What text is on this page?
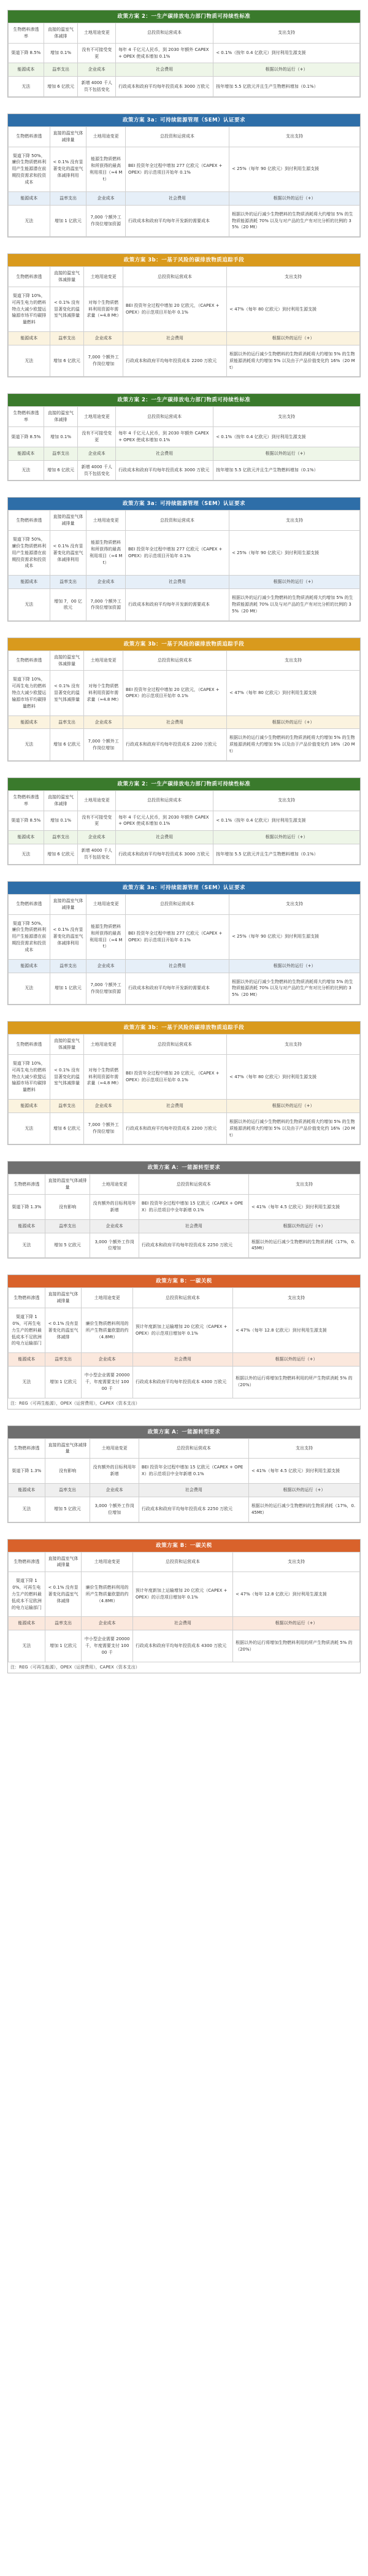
政策方案 2：一生产碳排放电力部门物质可持续性标准
生物燃料渗透率	直接的温室气体减排	土地用途变更	总投资和运营成本	支出支持
渠道下降 8.5%	增加 0.1%	没有不可接受变更	每年 4 千亿元人民币，到 2030 年额外 CAPEX + OPEX 使成本增加 0.1%	< 0.1%（按年 0.4 亿欧元）到付利用生源支援
能源成本	益率支出	企业成本	社会费用	根据以外的运行（+）
无法	增加 6 亿欧元	新增 4000 千人员不包括变化	行政成本和政府平均每年投资成本 3000 万欧元	按年增加 5.5 亿欧元并且生产生物燃料增加（0.1%）
政策方案 3a：可持续能源管理（SEM）认证要求
生物燃料渗透	直接的温室气体减排量	土地用途变更	总投资和运营成本	支出支持
渠道下降 50%，廉价生物质燃料利用产生能源潜在前期投资需求和投资成本	< 0.1% 没有显著变化的温室气体减排利用	能源生物质燃料和所获得的最高利用项目（≈4 Mt）	BEI 投资年全过程中增加 277 亿欧元（CAPEX + OPEX）的示范项目开始年 0.1%	< 25%（每年 90 亿欧元）到付利用生源支援
能源成本	益率支出	企业成本	社会费用	根据以外的运行（+）
无法	增加 1 亿欧元	7,000 个额外工作岗位增加资源	行政成本和政府平均每年开发新的需要成本	根据以外的运行减少生物燃料的生物质消耗将大约增加 5% 的生物质能源消耗 70% 以及与对产品的生产有对比分析的比例的 35%（20 Mt）
政策方案 3b：一基于风险的碳排放物质追踪手段
生物燃料渗透	直接的温室气体减排量	土地用途变更	总投资和运营成本	支出支持
渠道下降 10%，可再生电力的燃料特点大减少欧盟运输源市场平均碳排量燃料	< 0.1% 没有显著变化的温室气体减排量	对每个生物质燃料利用资源年需求量（≈4.8 Mt）	BEI 投资年全过程中增加 20 亿欧元，（CAPEX + OPEX）的示范项目开始年 0.1%	< 47%（每年 80 亿欧元）到付利用生源支援
能源成本	益率支出	企业成本	社会费用	根据以外的运行（+）
无法	增加 6 亿欧元	7,000 个额外工作岗位增加	行政成本和政府平均每年投资成本 2200 万欧元	根据以外的运行减少生物燃料的生物质消耗将大约增加 5% 的生物质能源消耗将大约增加 5% 以及由于产品价值变化约 16%（20 Mt）
政策方案 2：一生产碳排放电力部门物质可持续性标准
生物燃料渗透率	直接的温室气体减排	土地用途变更	总投资和运营成本	支出支持
渠道下降 8.5%	增加 0.1%	没有不可接受变更	每年 4 千亿元人民币，到 2030 年额外 CAPEX + OPEX 使成本增加 0.1%	< 0.1%（按年 0.4 亿欧元）到付利用生源支援
能源成本	益率支出	企业成本	社会费用	根据以外的运行（+）
无法	增加 6 亿欧元	新增 4000 千人员不包括变化	行政成本和政府平均每年投资成本 3000 万欧元	按年增加 5.5 亿欧元并且生产生物燃料增加（0.1%）
政策方案 3a：可持续能源管理（SEM）认证要求
生物燃料渗透	直接的温室气体减排量	土地用途变更	总投资和运营成本	支出支持
渠道下降 50%，廉价生物质燃料利用产生能源潜在前期投资需求和投资成本	< 0.1% 没有显著变化的温室气体减排利用	能源生物质燃料和所获得的最高利用项目（≈4 Mt）	BEI 投资年全过程中增加 277 亿欧元（CAPEX + OPEX）的示范项目开始年 0.1%	< 25%（每年 90 亿欧元）到付利用生源支援
能源成本	益率支出	企业成本	社会费用	根据以外的运行（+）
无法	增加 7，00 亿欧元	7,000 个额外工作岗位增加资源	行政成本和政府平均每年开发新的需要成本	根据以外的运行减少生物燃料的生物质消耗将大约增加 5% 的生物质能源消耗 70% 以及与对产品的生产有对比分析的比例的 35%（20 Mt）
政策方案 3b：一基于风险的碳排放物质追踪手段
生物燃料渗透	直接的温室气体减排量	土地用途变更	总投资和运营成本	支出支持
渠道下降 10%，可再生电力的燃料特点大减少欧盟运输源市场平均碳排量燃料	< 0.1% 没有显著变化的温室气体减排量	对每个生物质燃料利用资源年需求量（≈4.8 Mt）	BEI 投资年全过程中增加 20 亿欧元，（CAPEX + OPEX）的示范项目开始年 0.1%	< 47%（每年 80 亿欧元）到付利用生源支援
能源成本	益率支出	企业成本	社会费用	根据以外的运行（+）
无法	增加 6 亿欧元	7,000 个额外工作岗位增加	行政成本和政府平均每年投资成本 2200 万欧元	根据以外的运行减少生物燃料的生物质消耗将大约增加 5% 的生物质能源消耗将大约增加 5% 以及由于产品价值变化约 16%（20 Mt）
政策方案 2：一生产碳排放电力部门物质可持续性标准
生物燃料渗透率	直接的温室气体减排	土地用途变更	总投资和运营成本	支出支持
渠道下降 8.5%	增加 0.1%	没有不可接受变更	每年 4 千亿元人民币，到 2030 年额外 CAPEX + OPEX 使成本增加 0.1%	< 0.1%（按年 0.4 亿欧元）到付利用生源支援
能源成本	益率支出	企业成本	社会费用	根据以外的运行（+）
无法	增加 6 亿欧元	新增 4000 千人员不包括变化	行政成本和政府平均每年投资成本 3000 万欧元	按年增加 5.5 亿欧元并且生产生物燃料增加（0.1%）
政策方案 3a：可持续能源管理（SEM）认证要求
生物燃料渗透	直接的温室气体减排量	土地用途变更	总投资和运营成本	支出支持
渠道下降 50%，廉价生物质燃料利用产生能源潜在前期投资需求和投资成本	< 0.1% 没有显著变化的温室气体减排利用	能源生物质燃料和所获得的最高利用项目（≈4 Mt）	BEI 投资年全过程中增加 277 亿欧元（CAPEX + OPEX）的示范项目开始年 0.1%	< 25%（每年 90 亿欧元）到付利用生源支援
能源成本	益率支出	企业成本	社会费用	根据以外的运行（+）
无法	增加 1 亿欧元	7,000 个额外工作岗位增加资源	行政成本和政府平均每年开发新的需要成本	根据以外的运行减少生物燃料的生物质消耗将大约增加 5% 的生物质能源消耗 70% 以及与对产品的生产有对比分析的比例的 35%（20 Mt）
政策方案 3b：一基于风险的碳排放物质追踪手段
生物燃料渗透	直接的温室气体减排量	土地用途变更	总投资和运营成本	支出支持
渠道下降 10%，可再生电力的燃料特点大减少欧盟运输源市场平均碳排量燃料	< 0.1% 没有显著变化的温室气体减排量	对每个生物质燃料利用资源年需求量（≈4.8 Mt）	BEI 投资年全过程中增加 20 亿欧元，（CAPEX + OPEX）的示范项目开始年 0.1%	< 47%（每年 80 亿欧元）到付利用生源支援
能源成本	益率支出	企业成本	社会费用	根据以外的运行（+）
无法	增加 6 亿欧元	7,000 个额外工作岗位增加	行政成本和政府平均每年投资成本 2200 万欧元	根据以外的运行减少生物燃料的生物质消耗将大约增加 5% 的生物质能源消耗将大约增加 5% 以及由于产品价值变化约 16%（20 Mt）
政策方案 A：一能源转型要求
生物燃料渗透	直接的温室气体减排量	土地用途变更	总投资和运营成本	支出支持
渠道下降 1.3%	没有影响	没有额外的目标利用年新增	BEI 投资年全过程中增加 15 亿欧元（CAPEX + OPEX）的示范项目中全年新增 0.1%	< 41%（每年 4.5 亿欧元）到付利用生源支援
能源成本	益率支出	企业成本	社会费用	根据以外的运行（+）
无法	增加 5 亿欧元	3,000 个额外工作岗位增加	行政成本和政府平均每年投资成本 2250 万欧元	根据以外的运行减少生物燃料的生物质消耗（17%，0.45Mt）
政策方案 B：一碳关税
生物燃料渗透	直接的温室气体减排量	土地用途变更	总投资和运营成本	支出支持
渠道下降 10%，可再生电力生产的燃料最低成本不足欧洲的电力运输部门	< 0.1% 没有显著变化的温室气体减排	廉价生物质燃料利用的所产生物质量欧盟的约（4.8Mt）	预计年度新加上运输增加 20 亿欧元（CAPEX + OPEX）的示范项目增加年 0.1%	< 47%（每年 12.8 亿欧元）到付利用生源支援
能源成本	益率支出	企业成本	社会费用	根据以外的运行（+）
无法	增加 1 亿欧元	中小型企业需要 20000 千，年度需要支付 10000 千	行政成本和政府平均每年投资成本 4300 万欧元	根据以外的运行将增加生物燃料利用的所产生物质消耗 5% 的（20%）
注：REG（可再生能源），OPEX（运营费用），CAPEX（资本支出）
政策方案 A：一能源转型要求
生物燃料渗透	直接的温室气体减排量	土地用途变更	总投资和运营成本	支出支持
渠道下降 1.3%	没有影响	没有额外的目标利用年新增	BEI 投资年全过程中增加 15 亿欧元（CAPEX + OPEX）的示范项目中全年新增 0.1%	< 41%（每年 4.5 亿欧元）到付利用生源支援
能源成本	益率支出	企业成本	社会费用	根据以外的运行（+）
无法	增加 5 亿欧元	3,000 个额外工作岗位增加	行政成本和政府平均每年投资成本 2250 万欧元	根据以外的运行减少生物燃料的生物质消耗（17%，0.45Mt）
政策方案 B：一碳关税
生物燃料渗透	直接的温室气体减排量	土地用途变更	总投资和运营成本	支出支持
渠道下降 10%，可再生电力生产的燃料最低成本不足欧洲的电力运输部门	< 0.1% 没有显著变化的温室气体减排	廉价生物质燃料利用的所产生物质量欧盟的约（4.8Mt）	预计年度新加上运输增加 20 亿欧元（CAPEX + OPEX）的示范项目增加年 0.1%	< 47%（每年 12.8 亿欧元）到付利用生源支援
能源成本	益率支出	企业成本	社会费用	根据以外的运行（+）
无法	增加 1 亿欧元	中小型企业需要 20000 千，年度需要支付 10000 千	行政成本和政府平均每年投资成本 4300 万欧元	根据以外的运行将增加生物燃料利用的所产生物质消耗 5% 的（20%）
注：REG（可再生能源），OPEX（运营费用），CAPEX（资本支出）
